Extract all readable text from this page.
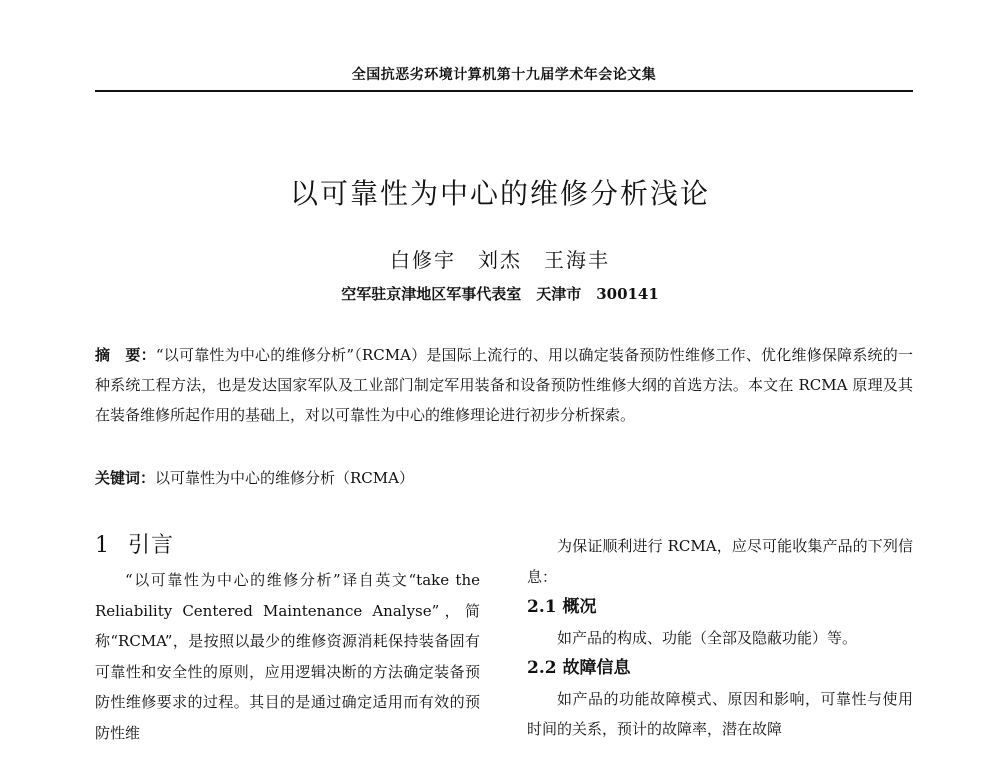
全国抗恶劣环境计算机第十九届学术年会论文集
以可靠性为中心的维修分析浅论
白修宇　刘杰　王海丰
空军驻京津地区军事代表室　天津市　300141
摘　要：“以可靠性为中心的维修分析”（RCMA）是国际上流行的、用以确定装备预防性维修工作、优化维修保障系统的一种系统工程方法，也是发达国家军队及工业部门制定军用装备和设备预防性维修大纲的首选方法。本文在 RCMA 原理及其在装备维修所起作用的基础上，对以可靠性为中心的维修理论进行初步分析探索。
关键词：以可靠性为中心的维修分析（RCMA）
1 引言

“以可靠性为中心的维修分析”译自英文“take the Reliability Centered Maintenance Analyse”，简称“RCMA”，是按照以最少的维修资源消耗保持装备固有可靠性和安全性的原则，应用逻辑决断的方法确定装备预防性维修要求的过程。其目的是通过确定适用而有效的预防性维

为保证顺利进行 RCMA，应尽可能收集产品的下列信息：

2.1 概况

如产品的构成、功能（全部及隐蔽功能）等。

2.2 故障信息

如产品的功能故障模式、原因和影响，可靠性与使用时间的关系，预计的故障率，潜在故障
